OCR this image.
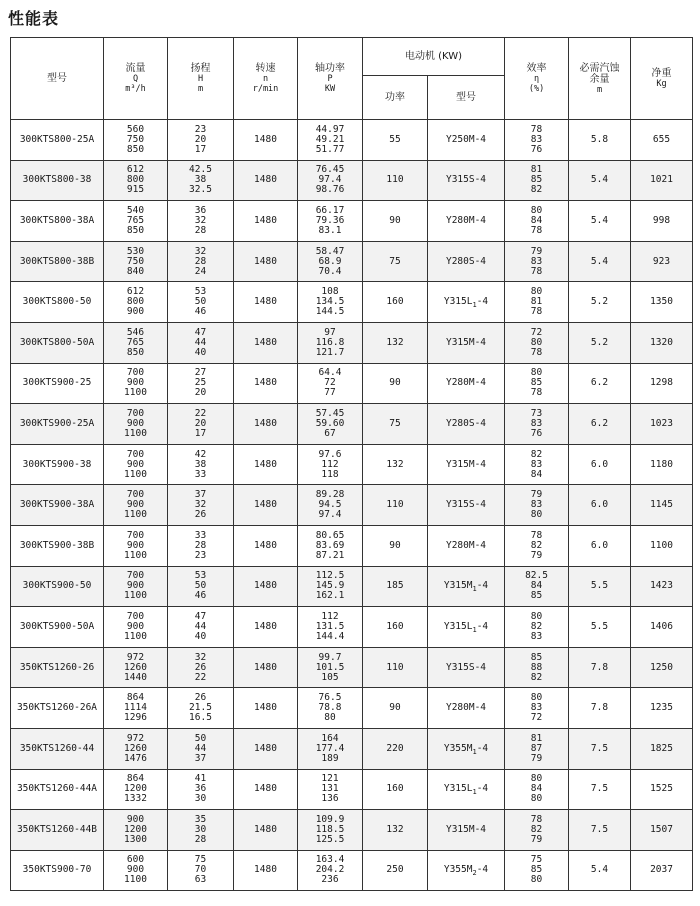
性能表
型号	流量
Q
m³/h	扬程
H
m	转速
n
r/min	轴功率
P
KW	电动机 (KW)		效率
η
(%)	必需汽蚀
余量
m	净重
Kg

					功率	型号			
300KTS800-25A	560
750
850	23
20
17	1480	44.97
49.21
51.77	55	Y250M-4	78
83
76	5.8	655
300KTS800-38	612
800
915	42.5
38
32.5	1480	76.45
97.4
98.76	110	Y315S-4	81
85
82	5.4	1021
300KTS800-38A	540
765
850	36
32
28	1480	66.17
79.36
83.1	90	Y280M-4	80
84
78	5.4	998
300KTS800-38B	530
750
840	32
28
24	1480	58.47
68.9
70.4	75	Y280S-4	79
83
78	5.4	923
300KTS800-50	612
800
900	53
50
46	1480	108
134.5
144.5	160	$Y315L_1-4$	80
81
78	5.2	1350
300KTS800-50A	546
765
850	47
44
40	1480	97
116.8
121.7	132	Y315M-4	72
80
78	5.2	1320
300KTS900-25	700
900
1100	27
25
20	1480	64.4
72
77	90	Y280M-4	80
85
78	6.2	1298
300KTS900-25A	700
900
1100	22
20
17	1480	57.45
59.60
67	75	Y280S-4	73
83
76	6.2	1023
300KTS900-38	700
900
1100	42
38
33	1480	97.6
112
118	132	Y315M-4	82
83
84	6.0	1180
300KTS900-38A	700
900
1100	37
32
26	1480	89.28
94.5
97.4	110	Y315S-4	79
83
80	6.0	1145
300KTS900-38B	700
900
1100	33
28
23	1480	80.65
83.69
87.21	90	Y280M-4	78
82
79	6.0	1100
300KTS900-50	700
900
1100	53
50
46	1480	112.5
145.9
162.1	185	$Y315M_1-4$	82.5
84
85	5.5	1423
300KTS900-50A	700
900
1100	47
44
40	1480	112
131.5
144.4	160	$Y315L_1-4$	80
82
83	5.5	1406
350KTS1260-26	972
1260
1440	32
26
22	1480	99.7
101.5
105	110	Y315S-4	85
88
82	7.8	1250
350KTS1260-26A	864
1114
1296	26
21.5
16.5	1480	76.5
78.8
80	90	Y280M-4	80
83
72	7.8	1235
350KTS1260-44	972
1260
1476	50
44
37	1480	164
177.4
189	220	$Y355M_1-4$	81
87
79	7.5	1825
350KTS1260-44A	864
1200
1332	41
36
30	1480	121
131
136	160	$Y315L_1-4$	80
84
80	7.5	1525
350KTS1260-44B	900
1200
1300	35
30
28	1480	109.9
118.5
125.5	132	Y315M-4	78
82
79	7.5	1507
350KTS900-70	600
900
1100	75
70
63	1480	163.4
204.2
236	250	$Y355M_2-4$	75
85
80	5.4	2037
